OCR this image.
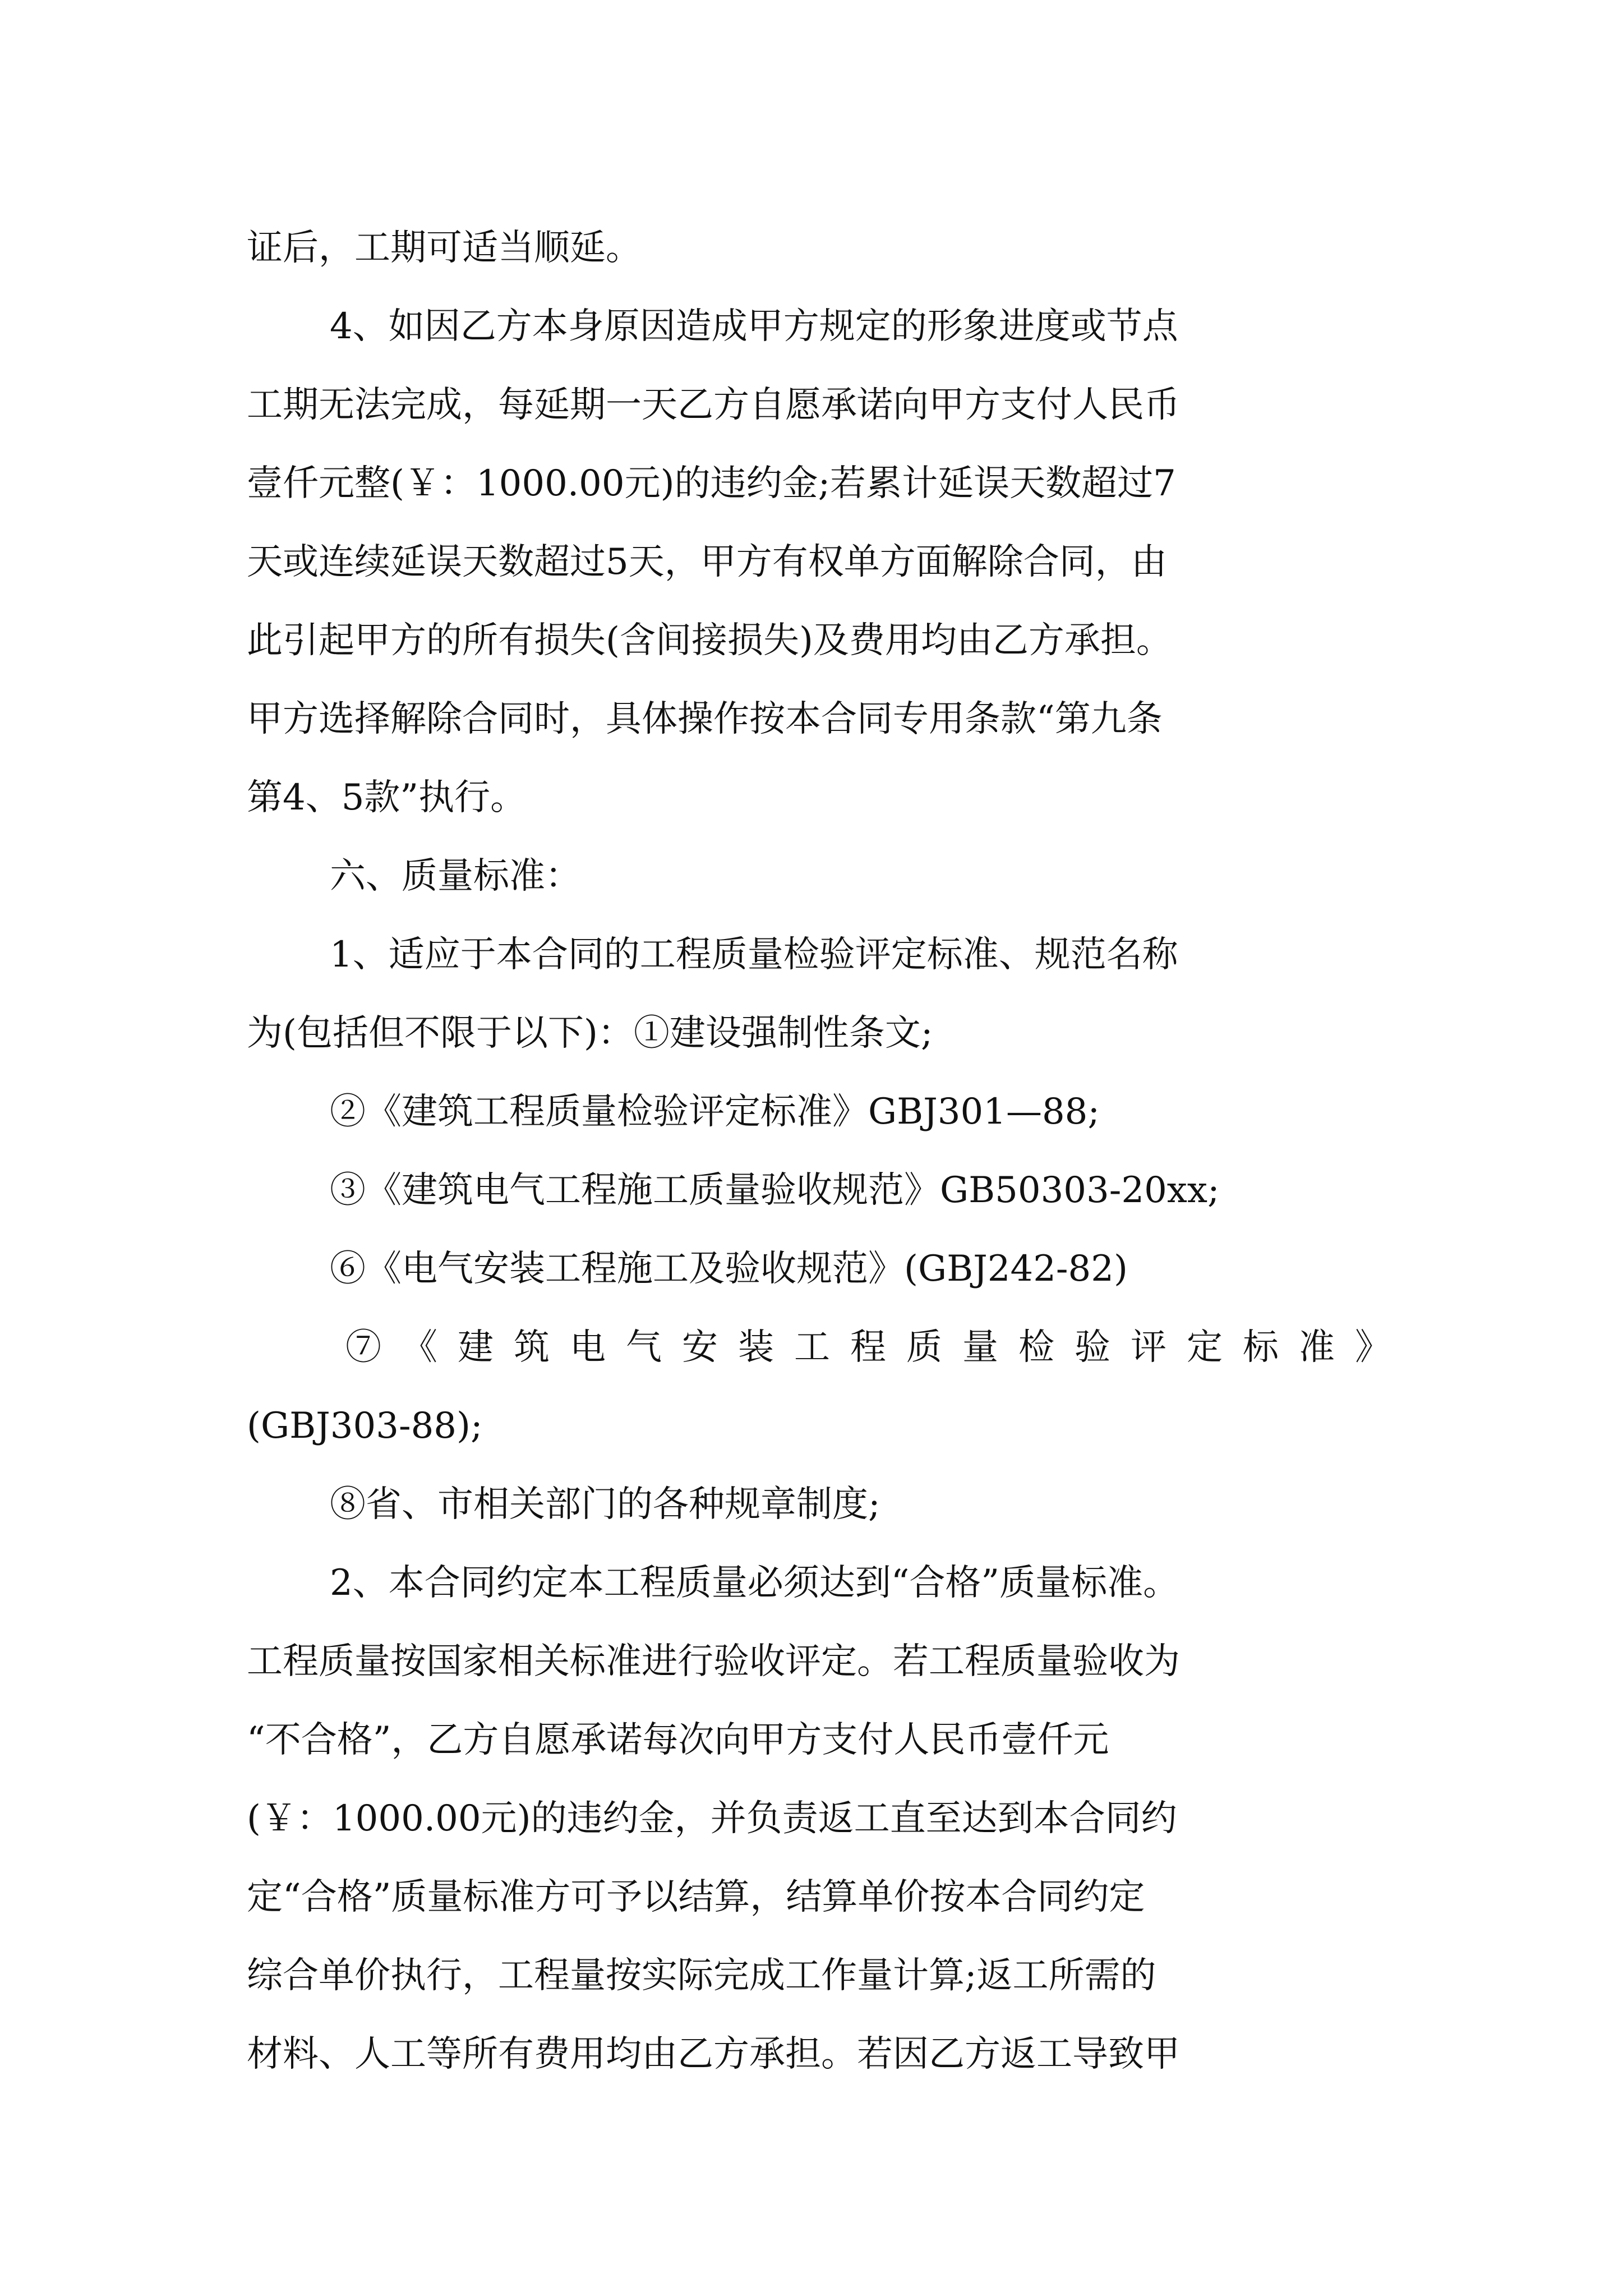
证后，工期可适当顺延。
4、如因乙方本身原因造成甲方规定的形象进度或节点
工期无法完成，每延期一天乙方自愿承诺向甲方支付人民币
壹仟元整(￥：1000.00元)的违约金;若累计延误天数超过7
天或连续延误天数超过5天，甲方有权单方面解除合同，由
此引起甲方的所有损失(含间接损失)及费用均由乙方承担。
甲方选择解除合同时，具体操作按本合同专用条款“第九条
第4、5款”执行。
六、质量标准：
1、适应于本合同的工程质量检验评定标准、规范名称
为(包括但不限于以下)：①建设强制性条文;
②《建筑工程质量检验评定标准》GBJ301—88;
③《建筑电气工程施工质量验收规范》GB50303-20xx;
⑥《电气安装工程施工及验收规范》(GBJ242-82)
⑦《建筑电气安装工程质量检验评定标准》
(GBJ303-88);
⑧省、市相关部门的各种规章制度;
2、本合同约定本工程质量必须达到“合格”质量标准。
工程质量按国家相关标准进行验收评定。若工程质量验收为
“不合格”，乙方自愿承诺每次向甲方支付人民币壹仟元
(￥：1000.00元)的违约金，并负责返工直至达到本合同约
定“合格”质量标准方可予以结算，结算单价按本合同约定
综合单价执行，工程量按实际完成工作量计算;返工所需的
材料、人工等所有费用均由乙方承担。若因乙方返工导致甲
